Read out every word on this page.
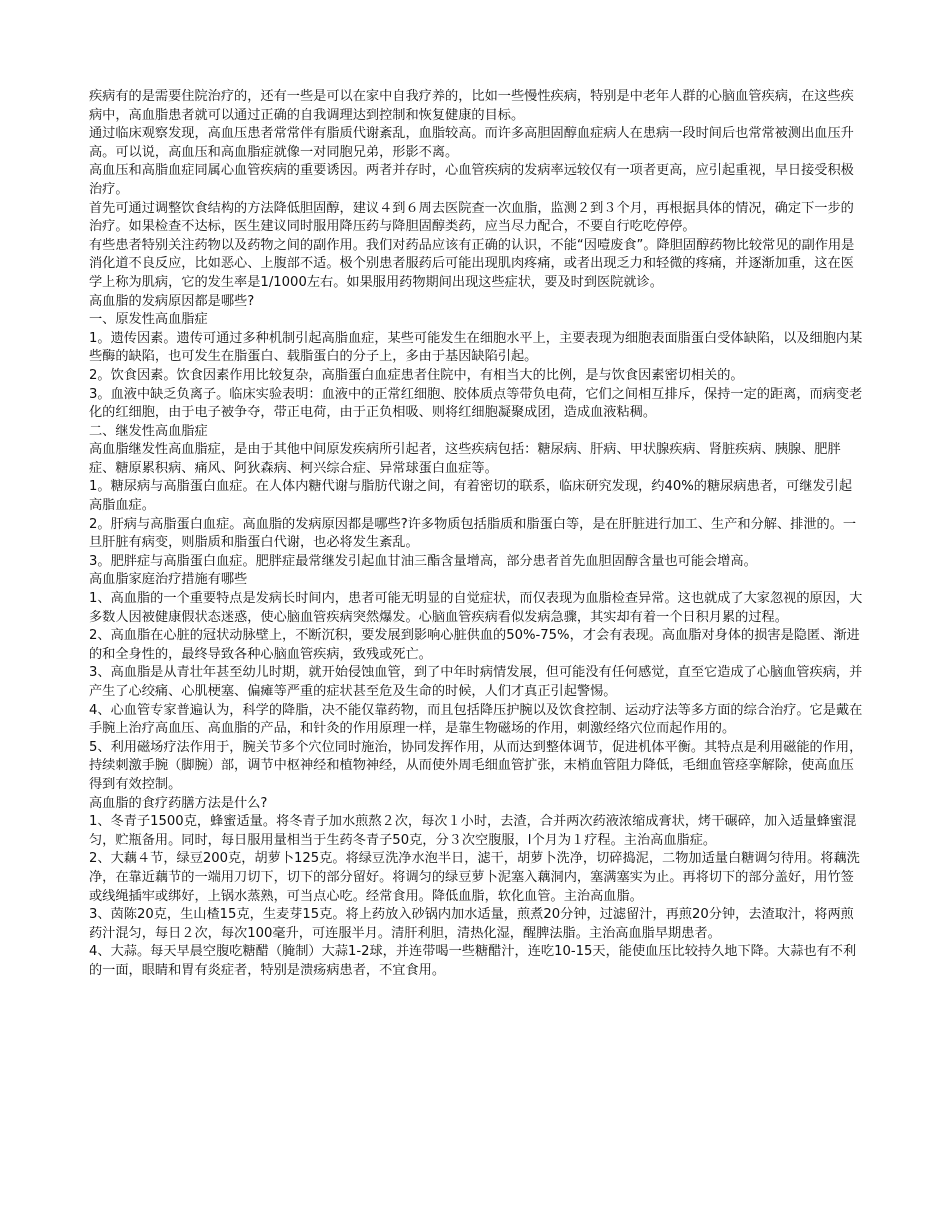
疾病有的是需要住院治疗的，还有一些是可以在家中自我疗养的，比如一些慢性疾病，特别是中老年人群的心脑血管疾病，在这些疾病中，高血脂患者就可以通过正确的自我调理达到控制和恢复健康的目标。

通过临床观察发现，高血压患者常常伴有脂质代谢紊乱，血脂较高。而许多高胆固醇血症病人在患病一段时间后也常常被测出血压升高。可以说，高血压和高血脂症就像一对同胞兄弟，形影不离。

高血压和高脂血症同属心血管疾病的重要诱因。两者并存时，心血管疾病的发病率远较仅有一项者更高，应引起重视，早日接受积极治疗。

首先可通过调整饮食结构的方法降低胆固醇，建议４到６周去医院查一次血脂，监测２到３个月，再根据具体的情况，确定下一步的治疗。如果检查不达标，医生建议同时服用降压药与降胆固醇类药，应当尽力配合，不要自行吃吃停停。

有些患者特别关注药物以及药物之间的副作用。我们对药品应该有正确的认识，不能“因噎废食”。降胆固醇药物比较常见的副作用是消化道不良反应，比如恶心、上腹部不适。极个别患者服药后可能出现肌肉疼痛，或者出现乏力和轻微的疼痛，并逐渐加重，这在医学上称为肌病，它的发生率是1/1000左右。如果服用药物期间出现这些症状，要及时到医院就诊。

高血脂的发病原因都是哪些?

一、原发性高血脂症

1。遗传因素。遗传可通过多种机制引起高脂血症，某些可能发生在细胞水平上，主要表现为细胞表面脂蛋白受体缺陷，以及细胞内某些酶的缺陷，也可发生在脂蛋白、载脂蛋白的分子上，多由于基因缺陷引起。

2。饮食因素。饮食因素作用比较复杂，高脂蛋白血症患者住院中，有相当大的比例，是与饮食因素密切相关的。

3。血液中缺乏负离子。临床实验表明：血液中的正常红细胞、胶体质点等带负电荷，它们之间相互排斥，保持一定的距离，而病变老化的红细胞，由于电子被争夺，带正电荷，由于正负相吸、则将红细胞凝聚成团，造成血液粘稠。

二、继发性高血脂症

高血脂继发性高血脂症，是由于其他中间原发疾病所引起者，这些疾病包括：糖尿病、肝病、甲状腺疾病、肾脏疾病、胰腺、肥胖症、糖原累积病、痛风、阿狄森病、柯兴综合症、异常球蛋白血症等。

1。糖尿病与高脂蛋白血症。在人体内糖代谢与脂肪代谢之间，有着密切的联系，临床研究发现，约40%的糖尿病患者，可继发引起高脂血症。

2。肝病与高脂蛋白血症。高血脂的发病原因都是哪些?许多物质包括脂质和脂蛋白等，是在肝脏进行加工、生产和分解、排泄的。一旦肝脏有病变，则脂质和脂蛋白代谢，也必将发生紊乱。

3。肥胖症与高脂蛋白血症。肥胖症最常继发引起血甘油三酯含量增高，部分患者首先血胆固醇含量也可能会增高。

高血脂家庭治疗措施有哪些

1、高血脂的一个重要特点是发病长时间内，患者可能无明显的自觉症状，而仅表现为血脂检查异常。这也就成了大家忽视的原因，大多数人因被健康假状态迷惑，使心脑血管疾病突然爆发。心脑血管疾病看似发病急骤，其实却有着一个日积月累的过程。

2、高血脂在心脏的冠状动脉壁上，不断沉积，要发展到影响心脏供血的50%-75%，才会有表现。高血脂对身体的损害是隐匿、渐进的和全身性的，最终导致各种心脑血管疾病，致残或死亡。

3、高血脂是从青壮年甚至幼儿时期，就开始侵蚀血管，到了中年时病情发展，但可能没有任何感觉，直至它造成了心脑血管疾病，并产生了心绞痛、心肌梗塞、偏瘫等严重的症状甚至危及生命的时候，人们才真正引起警惕。

4、心血管专家普遍认为，科学的降脂，决不能仅靠药物，而且包括降压护腕以及饮食控制、运动疗法等多方面的综合治疗。它是戴在手腕上治疗高血压、高血脂的产品，和针灸的作用原理一样，是靠生物磁场的作用，刺激经络穴位而起作用的。

5、利用磁场疗法作用于，腕关节多个穴位同时施治，协同发挥作用，从而达到整体调节，促进机体平衡。其特点是利用磁能的作用，持续刺激手腕（脚腕）部，调节中枢神经和植物神经，从而使外周毛细血管扩张，末梢血管阻力降低，毛细血管痉挛解除，使高血压得到有效控制。

高血脂的食疗药膳方法是什么?

1、冬青子1500克，蜂蜜适量。将冬青子加水煎熬２次，每次１小时，去渣，合并两次药液浓缩成膏状，烤干碾碎，加入适量蜂蜜混匀，贮瓶备用。同时，每日服用量相当于生药冬青子50克，分３次空腹服，l个月为１疗程。主治高血脂症。

2、大藕４节，绿豆200克，胡萝卜125克。将绿豆洗净水泡半日，滤干，胡萝卜洗净，切碎捣泥，二物加适量白糖调匀待用。将藕洗净，在靠近藕节的一端用刀切下，切下的部分留好。将调匀的绿豆萝卜泥塞入藕洞内，塞满塞实为止。再将切下的部分盖好，用竹签或线绳插牢或绑好，上锅水蒸熟，可当点心吃。经常食用。降低血脂，软化血管。主治高血脂。

3、茵陈20克，生山楂15克，生麦芽15克。将上药放入砂锅内加水适量，煎煮20分钟，过滤留汁，再煎20分钟，去渣取汁，将两煎药汁混匀，每日２次，每次100毫升，可连服半月。清肝利胆，清热化湿，醒脾法脂。主治高血脂早期患者。

4、大蒜。每天早晨空腹吃糖醋（腌制）大蒜1-2球，并连带喝一些糖醋汁，连吃10-15天，能使血压比较持久地下降。大蒜也有不利的一面，眼睛和胃有炎症者，特别是溃疡病患者，不宜食用。
